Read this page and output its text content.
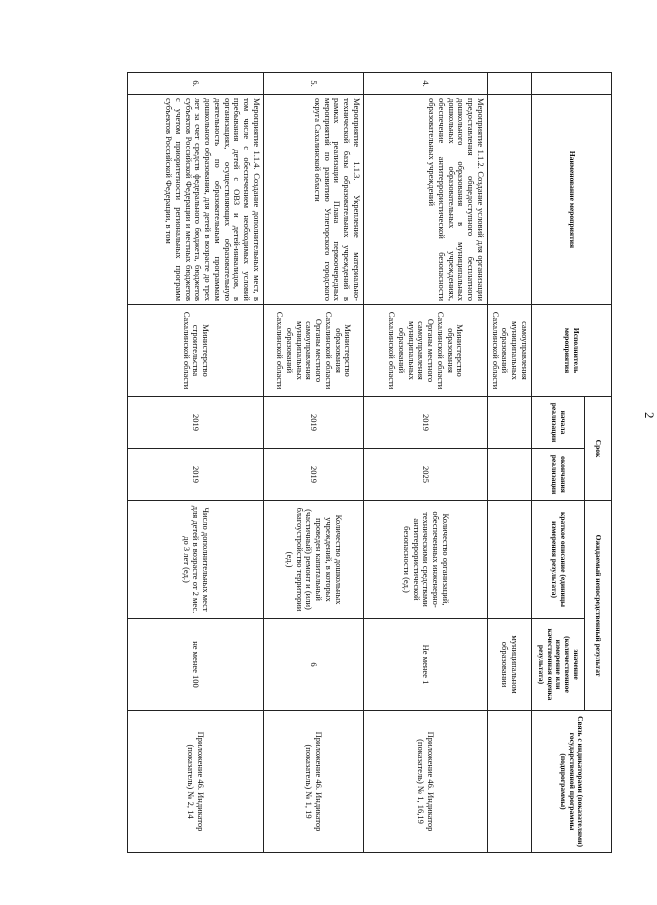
2
	Наименование мероприятия	Исполнитель мероприятия	Срок		Ожидаемый непосредственный результат		Связь с индикаторами (показателями) государственной программы (подпрограммы)
			начала реализации	окончания реализации	краткое описание (единицы измерения результата)	значение (количественное измерение или качественная оценка результата)	
		самоуправления муниципальных образований Сахалинской области				муниципальном образовании	
4.	Мероприятие 1.1.2. Создание условий для организации предоставления общедоступного бесплатного дошкольного образования в муниципальных дошкольных образовательных учреждениях, обеспечение антитеррористической безопасности образовательных учреждений	Министерство образования Сахалинской области Органы местного самоуправления муниципальных образований Сахалинской области	2019	2025	Количество организаций, обеспеченных инженерно-техническими средствами антитеррористической безопасности (ед.)	Не менее 1	Приложение 46. Индикатор (показатель) № 1, 16,19
5.	Мероприятие 1.1.3. Укрепление материально-технической базы образовательных учреждений в рамках реализации Плана первоочередных мероприятий по развитию Углегорского городского округа Сахалинской области	Министерство образования Сахалинской области Органы местного самоуправления муниципальных образований Сахалинской области	2019	2019	Количество дошкольных учреждений, в которых проведен капитальный (частичный) ремонт и (или) благоустройство территории (ед.)	6	Приложение 46. Индикатор (показатель) № 1, 19
6.	Мероприятие 1.1.4. Создание дополнительных мест, в том числе с обеспечением необходимых условий пребывания детей с ОВЗ и детей-инвалидов, в организациях, осуществляющих образовательную деятельность по образовательным программам дошкольного образования, для детей в возрасте до трех лет за счет средств федерального бюджета, бюджетов субъектов Российской Федерации и местных бюджетов с учетом приоритетности региональных программ субъектов Российской Федерации, в том	Министерство строительства Сахалинской области	2019	2019	Число дополнительных мест для детей в возрасте от 2 мес. до 3 лет (ед.)	не менее 100	Приложение 46. Индикатор (показатель) № 2, 14
